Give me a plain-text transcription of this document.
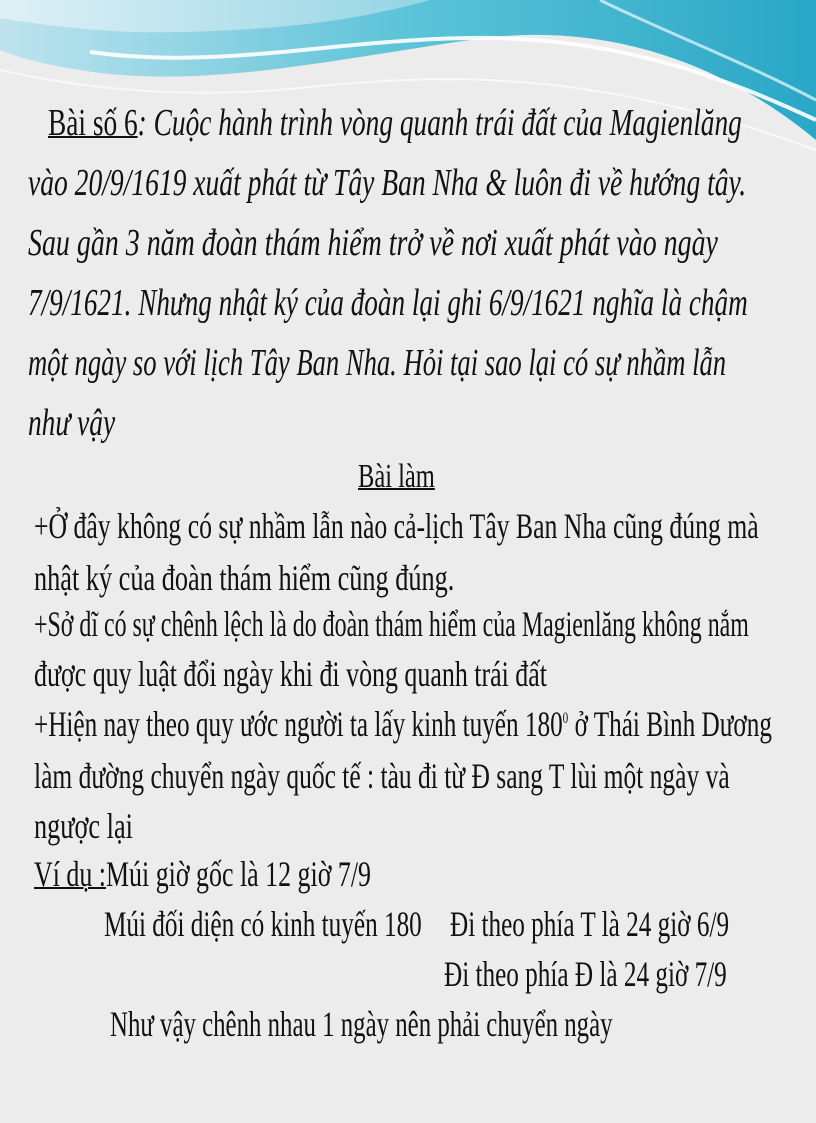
Bài số 6: Cuộc hành trình vòng quanh trái đất của Magienlăng
vào 20/9/1619 xuất phát từ Tây Ban Nha & luôn đi về hướng tây.
Sau gần 3 năm đoàn thám hiểm trở về nơi xuất phát vào ngày
7/9/1621. Nhưng nhật ký của đoàn lại ghi 6/9/1621 nghĩa là chậm
một ngày so với lịch Tây Ban Nha. Hỏi tại sao lại có sự nhầm lẫn
như vậy
Bài làm
+Ở đây không có sự nhầm lẫn nào cả-lịch Tây Ban Nha cũng đúng mà
nhật ký của đoàn thám hiểm cũng đúng.
+Sở dĩ có sự chênh lệch là do đoàn thám hiểm của Magienlăng không nắm
được quy luật đổi ngày khi đi vòng quanh trái đất
+Hiện nay theo quy ước người ta lấy kinh tuyến $180^0$ ở Thái Bình Dương
làm đường chuyển ngày quốc tế : tàu đi từ Đ sang T lùi một ngày và
ngược lại
Ví dụ :Múi giờ gốc là 12 giờ 7/9
Múi đối diện có kinh tuyến 180 Đi theo phía T là 24 giờ 6/9
Đi theo phía Đ là 24 giờ 7/9
Như vậy chênh nhau 1 ngày nên phải chuyển ngày
